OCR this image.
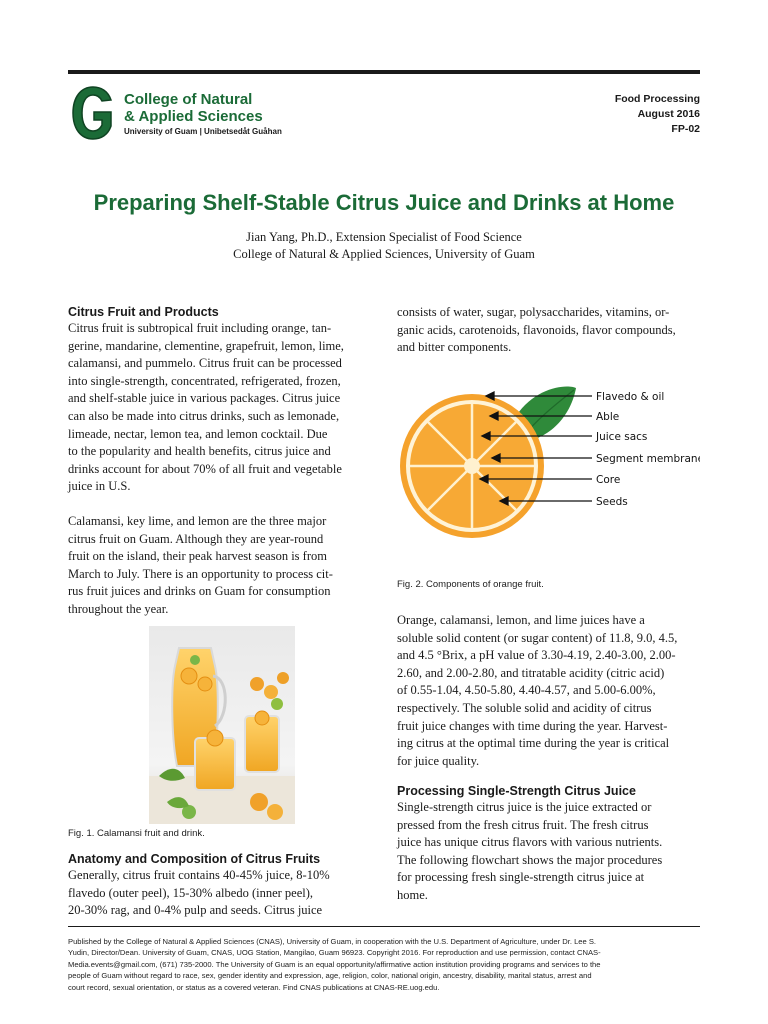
College of Natural
& Applied Sciences
University of Guam | Unibetsedåt Guåhan
Food Processing
August 2016
FP-02
Preparing Shelf-Stable Citrus Juice and Drinks at Home
Jian Yang, Ph.D., Extension Specialist of Food Science
College of Natural & Applied Sciences, University of Guam
Citrus Fruit and Products
Citrus fruit is subtropical fruit including orange, tan-
gerine, mandarine, clementine, grapefruit, lemon, lime,
calamansi, and pummelo. Citrus fruit can be processed
into single-strength, concentrated, refrigerated, frozen,
and shelf-stable juice in various packages. Citrus juice
can also be made into citrus drinks, such as lemonade,
limeade, nectar, lemon tea, and lemon cocktail. Due
to the popularity and health benefits, citrus juice and
drinks account for about 70% of all fruit and vegetable
juice in U.S.
Calamansi, key lime, and lemon are the three major
citrus fruit on Guam. Although they are year-round
fruit on the island, their peak harvest season is from
March to July. There is an opportunity to process cit-
rus fruit juices and drinks on Guam for consumption
throughout the year.
Fig. 1. Calamansi fruit and drink.
Anatomy and Composition of Citrus Fruits
Generally, citrus fruit contains 40-45% juice, 8-10%
flavedo (outer peel), 15-30% albedo (inner peel),
20-30% rag, and 0-4% pulp and seeds. Citrus juice
consists of water, sugar, polysaccharides, vitamins, or-
ganic acids, carotenoids, flavonoids, flavor compounds,
and bitter components.
Flavedo & oil
Able
Juice sacs
Segment membrane
Core
Seeds
Fig. 2. Components of orange fruit.
Orange, calamansi, lemon, and lime juices have a
soluble solid content (or sugar content) of 11.8, 9.0, 4.5,
and 4.5 °Brix, a pH value of 3.30-4.19, 2.40-3.00, 2.00-
2.60, and 2.00-2.80, and titratable acidity (citric acid)
of 0.55-1.04, 4.50-5.80, 4.40-4.57, and 5.00-6.00%,
respectively. The soluble solid and acidity of citrus
fruit juice changes with time during the year. Harvest-
ing citrus at the optimal time during the year is critical
for juice quality.
Processing Single-Strength Citrus Juice
Single-strength citrus juice is the juice extracted or
pressed from the fresh citrus fruit. The fresh citrus
juice has unique citrus flavors with various nutrients.
The following flowchart shows the major procedures
for processing fresh single-strength citrus juice at
home.
Published by the College of Natural & Applied Sciences (CNAS), University of Guam, in cooperation with the U.S. Department of Agriculture, under Dr. Lee S.
Yudin, Director/Dean. University of Guam, CNAS, UOG Station, Mangilao, Guam 96923. Copyright 2016. For reproduction and use permission, contact CNAS-
Media.events@gmail.com, (671) 735-2000. The University of Guam is an equal opportunity/affirmative action institution providing programs and services to the
people of Guam without regard to race, sex, gender identity and expression, age, religion, color, national origin, ancestry, disability, marital status, arrest and
court record, sexual orientation, or status as a covered veteran. Find CNAS publications at CNAS-RE.uog.edu.
